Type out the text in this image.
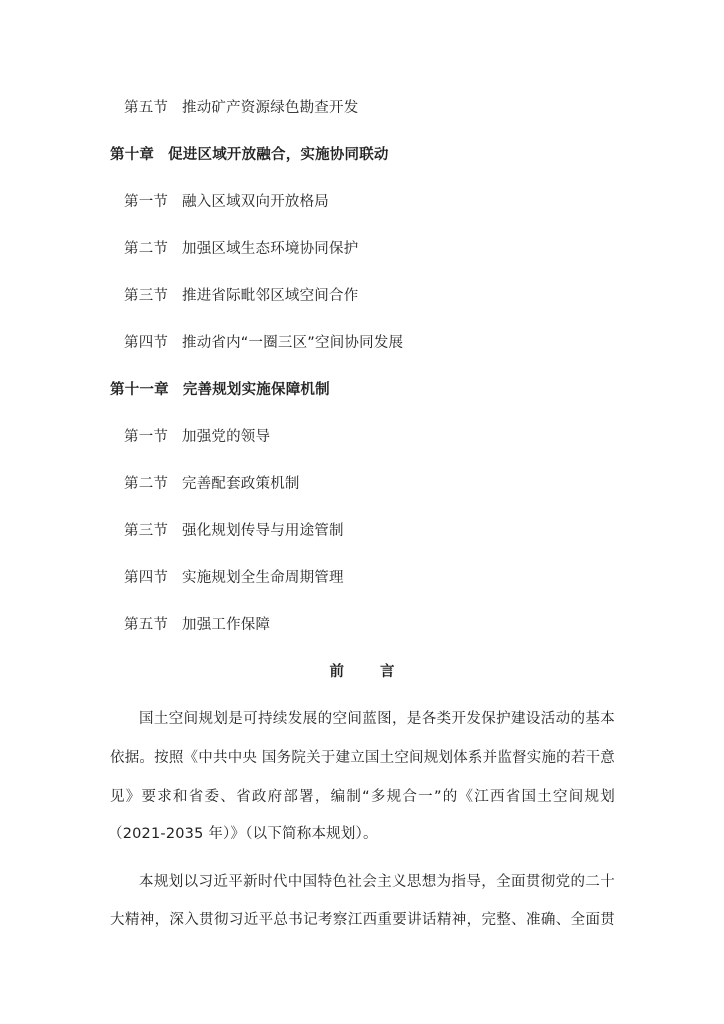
第五节 推动矿产资源绿色勘查开发
第十章 促进区域开放融合，实施协同联动
第一节 融入区域双向开放格局
第二节 加强区域生态环境协同保护
第三节 推进省际毗邻区域空间合作
第四节 推动省内“一圈三区”空间协同发展
第十一章 完善规划实施保障机制
第一节 加强党的领导
第二节 完善配套政策机制
第三节 强化规划传导与用途管制
第四节 实施规划全生命周期管理
第五节 加强工作保障
前言
国土空间规划是可持续发展的空间蓝图，是各类开发保护建设活动的基本
依据。按照《中共中央 国务院关于建立国土空间规划体系并监督实施的若干意
见》要求和省委、省政府部署，编制“多规合一”的《江西省国土空间规划
（2021-2035 年）》（以下简称本规划）。
本规划以习近平新时代中国特色社会主义思想为指导，全面贯彻党的二十
大精神，深入贯彻习近平总书记考察江西重要讲话精神，完整、准确、全面贯
